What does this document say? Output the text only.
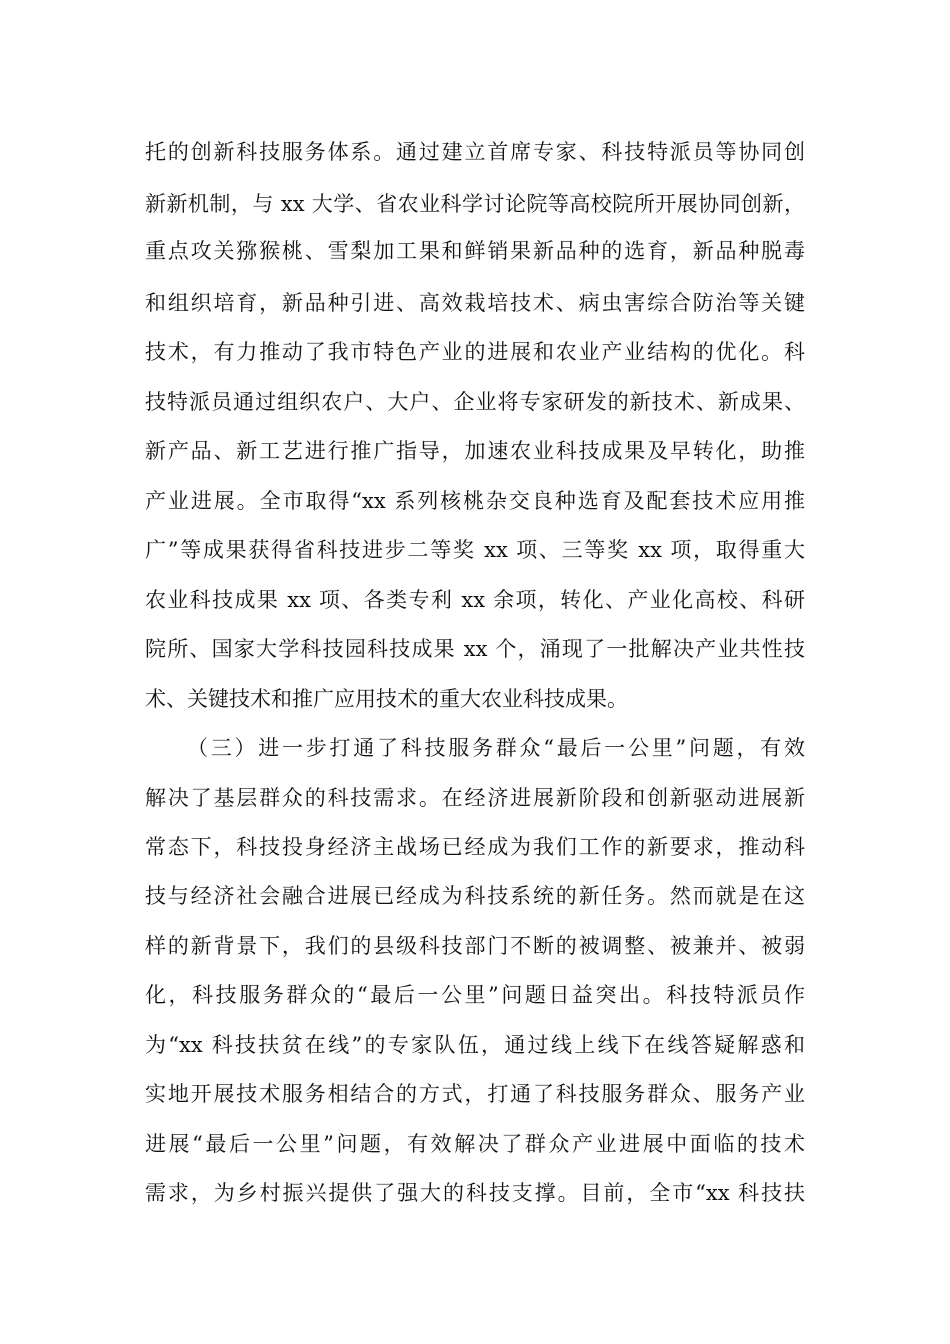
托的创新科技服务体系。通过建立首席专家、科技特派员等协同创
新新机制，与 xx 大学、省农业科学讨论院等高校院所开展协同创新，
重点攻关猕猴桃、雪梨加工果和鲜销果新品种的选育，新品种脱毒
和组织培育，新品种引进、高效栽培技术、病虫害综合防治等关键
技术，有力推动了我市特色产业的进展和农业产业结构的优化。科
技特派员通过组织农户、大户、企业将专家研发的新技术、新成果、
新产品、新工艺进行推广指导，加速农业科技成果及早转化，助推
产业进展。全市取得“xx 系列核桃杂交良种选育及配套技术应用推
广”等成果获得省科技进步二等奖 xx 项、三等奖 xx 项，取得重大
农业科技成果 xx 项、各类专利 xx 余项，转化、产业化高校、科研
院所、国家大学科技园科技成果 xx 个，涌现了一批解决产业共性技
术、关键技术和推广应用技术的重大农业科技成果。
（三）进一步打通了科技服务群众“最后一公里”问题，有效
解决了基层群众的科技需求。在经济进展新阶段和创新驱动进展新
常态下，科技投身经济主战场已经成为我们工作的新要求，推动科
技与经济社会融合进展已经成为科技系统的新任务。然而就是在这
样的新背景下，我们的县级科技部门不断的被调整、被兼并、被弱
化，科技服务群众的“最后一公里”问题日益突出。科技特派员作
为“xx 科技扶贫在线”的专家队伍，通过线上线下在线答疑解惑和
实地开展技术服务相结合的方式，打通了科技服务群众、服务产业
进展“最后一公里”问题，有效解决了群众产业进展中面临的技术
需求，为乡村振兴提供了强大的科技支撑。目前，全市“xx 科技扶
